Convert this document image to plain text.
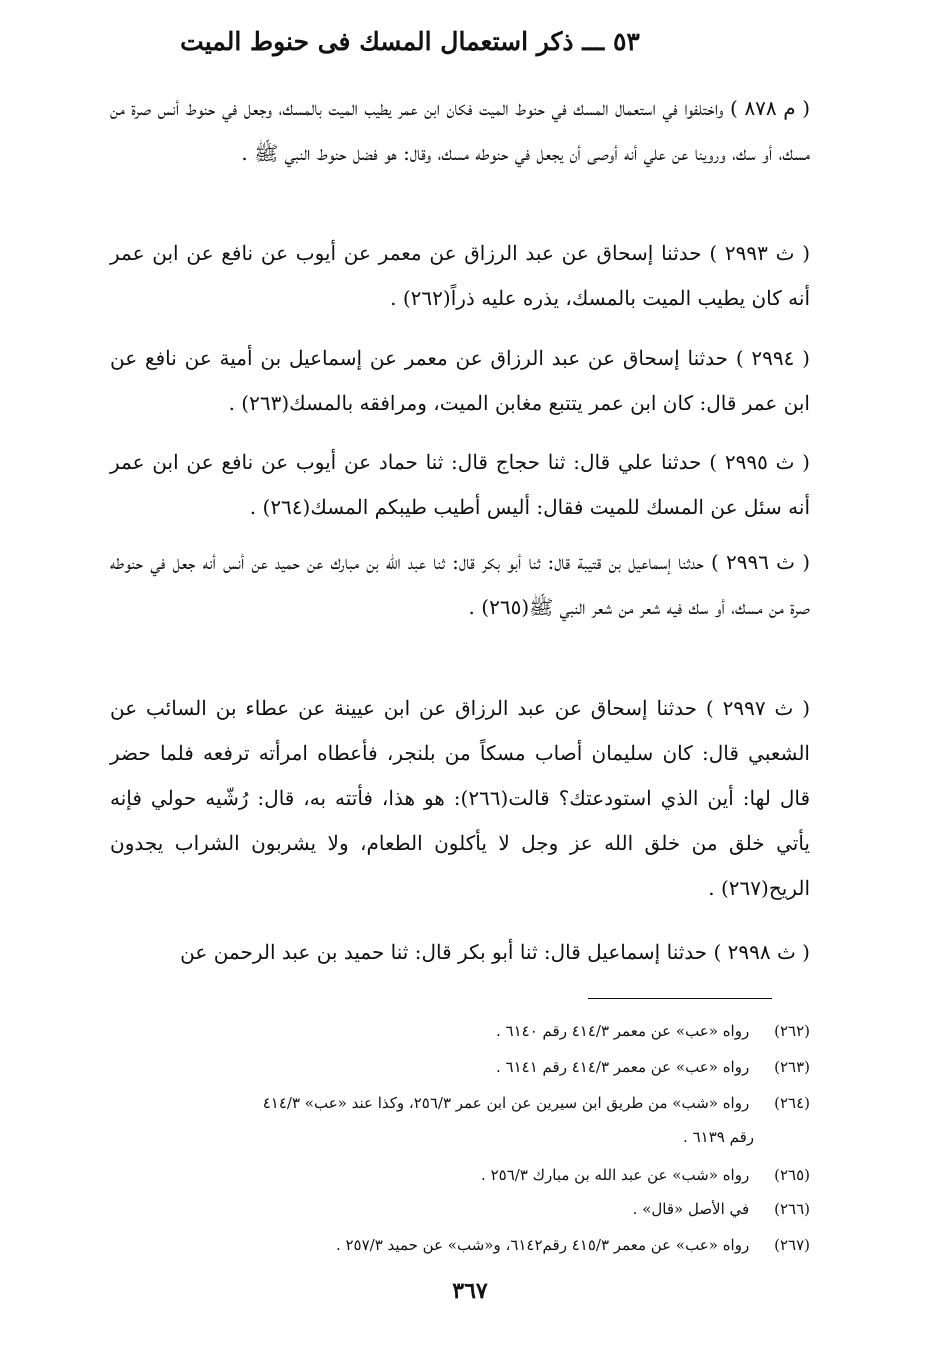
٥٣ ـــ ذكر استعمال المسك فى حنوط الميت

( م ٨٧٨ ) واختلفوا في استعمال المسك في حنوط الميت فكان ابن عمر يطيب الميت بالمسك، وجعل في حنوط أنس صرة من مسك، أو سك، وروينا عن علي أنه أوصى أن يجعل في حنوطه مسك، وقال: هو فضل حنوط النبي ﷺ .

( ث ٢٩٩٣ ) حدثنا إسحاق عن عبد الرزاق عن معمر عن أيوب عن نافع عن ابن عمر أنه كان يطيب الميت بالمسك، يذره عليه ذراً(٢٦٢) .

( ٢٩٩٤ ) حدثنا إسحاق عن عبد الرزاق عن معمر عن إسماعيل بن أمية عن نافع عن ابن عمر قال: كان ابن عمر يتتبع مغابن الميت، ومرافقه بالمسك(٢٦٣) .

( ث ٢٩٩٥ ) حدثنا علي قال: ثنا حجاج قال: ثنا حماد عن أيوب عن نافع عن ابن عمر أنه سئل عن المسك للميت فقال: أليس أطيب طيبكم المسك(٢٦٤) .

( ث ٢٩٩٦ ) حدثنا إسماعيل بن قتيبة قال: ثنا أبو بكر قال: ثنا عبد الله بن مبارك عن حميد عن أنس أنه جعل في حنوطه صرة من مسك، أو سك فيه شعر من شعر النبي ﷺ(٢٦٥) .

( ث ٢٩٩٧ ) حدثنا إسحاق عن عبد الرزاق عن ابن عيينة عن عطاء بن السائب عن الشعبي قال: كان سليمان أصاب مسكاً من بلنجر، فأعطاه امرأته ترفعه فلما حضر قال لها: أين الذي استودعتك؟ قالت(٢٦٦): هو هذا، فأتته به، قال: رُشّيه حولي فإنه يأتي خلق من خلق الله عز وجل لا يأكلون الطعام، ولا يشربون الشراب يجدون الريح(٢٦٧) .

( ث ٢٩٩٨ ) حدثنا إسماعيل قال: ثنا أبو بكر قال: ثنا حميد بن عبد الرحمن عن

(٢٦٢) رواه «عب» عن معمر ٤١٤/٣ رقم ٦١٤٠ .
(٢٦٣) رواه «عب» عن معمر ٤١٤/٣ رقم ٦١٤١ .
(٢٦٤) رواه «شب» من طريق ابن سيرين عن ابن عمر ٢٥٦/٣، وكذا عند «عب» ٤١٤/٣
رقم ٦١٣٩ .
(٢٦٥) رواه «شب» عن عبد الله بن مبارك ٢٥٦/٣ .
(٢٦٦) في الأصل «قال» .
(٢٦٧) رواه «عب» عن معمر ٤١٥/٣ رقم٦١٤٢، و«شب» عن حميد ٢٥٧/٣ .
٣٦٧
